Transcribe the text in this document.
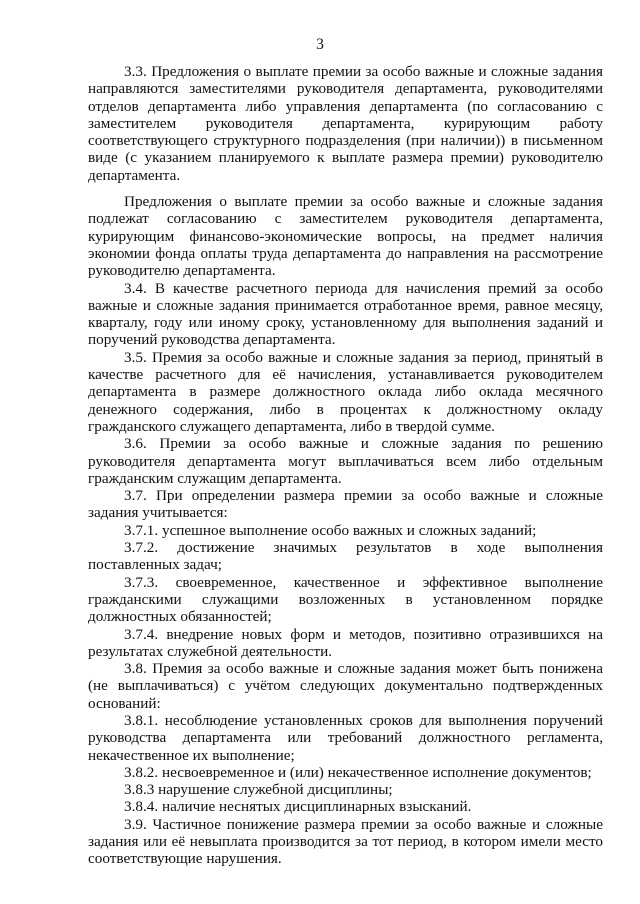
3

3.3. Предложения о выплате премии за особо важные и сложные задания направляются заместителями руководителя департамента, руководителями отделов департамента либо управления департамента (по согласованию с заместителем руководителя департамента, курирующим работу соответствующего структурного подразделения (при наличии)) в письменном виде (с указанием планируемого к выплате размера премии) руководителю департамента.

Предложения о выплате премии за особо важные и сложные задания подлежат согласованию с заместителем руководителя департамента, курирующим финансово-экономические вопросы, на предмет наличия экономии фонда оплаты труда департамента до направления на рассмотрение руководителю департамента.

3.4. В качестве расчетного периода для начисления премий за особо важные и сложные задания принимается отработанное время, равное месяцу, кварталу, году или иному сроку, установленному для выполнения заданий и поручений руководства департамента.

3.5. Премия за особо важные и сложные задания за период, принятый в качестве расчетного для её начисления, устанавливается руководителем департамента в размере должностного оклада либо оклада месячного денежного содержания, либо в процентах к должностному окладу гражданского служащего департамента, либо в твердой сумме.

3.6. Премии за особо важные и сложные задания по решению руководителя департамента могут выплачиваться всем либо отдельным гражданским служащим департамента.

3.7. При определении размера премии за особо важные и сложные задания учитывается:

3.7.1. успешное выполнение особо важных и сложных заданий;

3.7.2. достижение значимых результатов в ходе выполнения поставленных задач;

3.7.3. своевременное, качественное и эффективное выполнение гражданскими служащими возложенных в установленном порядке должностных обязанностей;

3.7.4. внедрение новых форм и методов, позитивно отразившихся на результатах служебной деятельности.

3.8. Премия за особо важные и сложные задания может быть понижена (не выплачиваться) с учётом следующих документально подтвержденных оснований:

3.8.1. несоблюдение установленных сроков для выполнения поручений руководства департамента или требований должностного регламента, некачественное их выполнение;

3.8.2. несвоевременное и (или) некачественное исполнение документов;

3.8.3 нарушение служебной дисциплины;

3.8.4. наличие неснятых дисциплинарных взысканий.

3.9. Частичное понижение размера премии за особо важные и сложные задания или её невыплата производится за тот период, в котором имели место соответствующие нарушения.
